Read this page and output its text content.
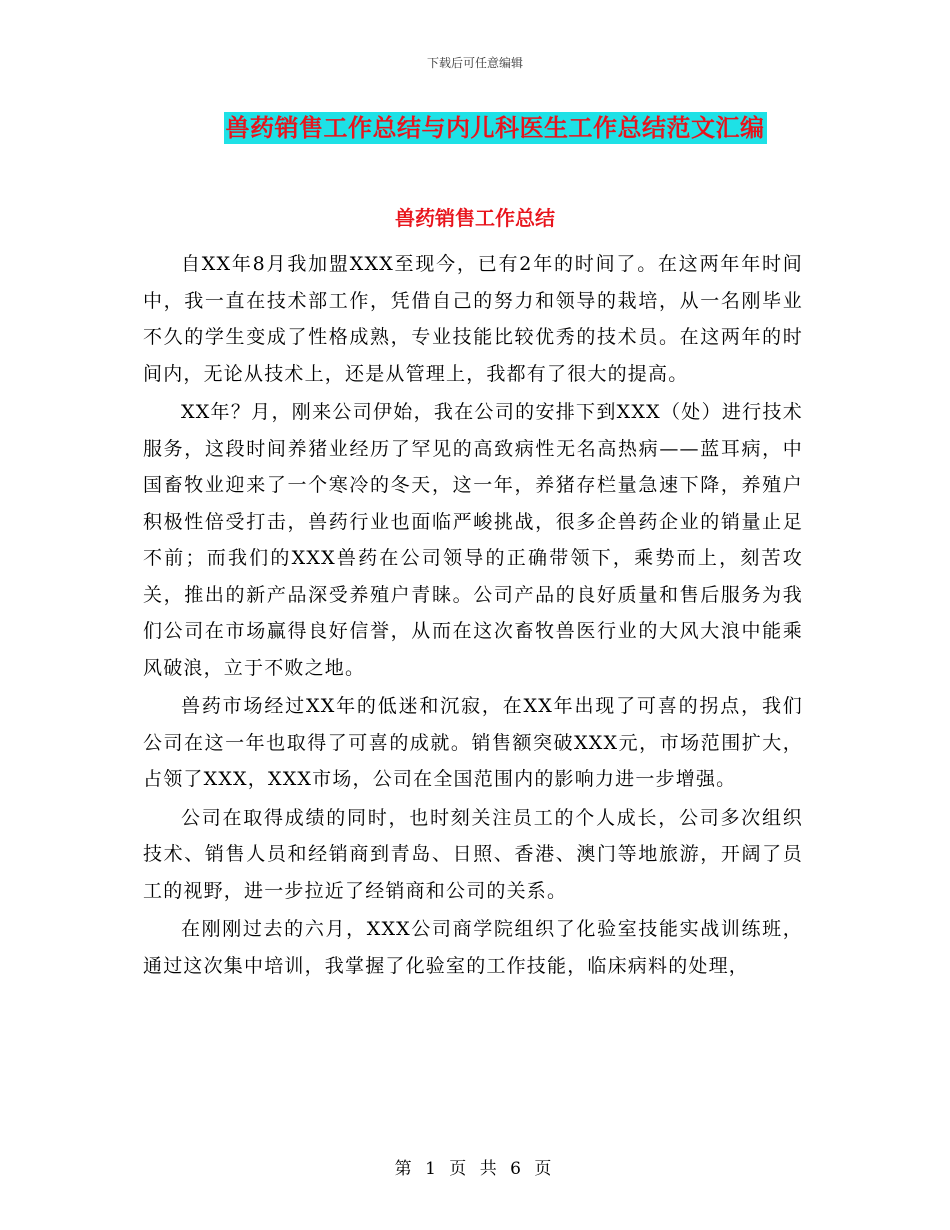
下载后可任意编辑
兽药销售工作总结与内儿科医生工作总结范文汇编
兽药销售工作总结

自XX年8月我加盟XXX至现今，已有2年的时间了。在这两年年时间中，我一直在技术部工作，凭借自己的努力和领导的栽培，从一名刚毕业不久的学生变成了性格成熟，专业技能比较优秀的技术员。在这两年的时间内，无论从技术上，还是从管理上，我都有了很大的提高。

XX年？月，刚来公司伊始，我在公司的安排下到XXX（处）进行技术服务，这段时间养猪业经历了罕见的高致病性无名高热病——蓝耳病，中国畜牧业迎来了一个寒冷的冬天，这一年，养猪存栏量急速下降，养殖户积极性倍受打击，兽药行业也面临严峻挑战，很多企兽药企业的销量止足不前；而我们的XXX兽药在公司领导的正确带领下，乘势而上，刻苦攻关，推出的新产品深受养殖户青睐。公司产品的良好质量和售后服务为我们公司在市场赢得良好信誉，从而在这次畜牧兽医行业的大风大浪中能乘风破浪，立于不败之地。

兽药市场经过XX年的低迷和沉寂，在XX年出现了可喜的拐点，我们公司在这一年也取得了可喜的成就。销售额突破XXX元，市场范围扩大，占领了XXX，XXX市场，公司在全国范围内的影响力进一步增强。

公司在取得成绩的同时，也时刻关注员工的个人成长，公司多次组织技术、销售人员和经销商到青岛、日照、香港、澳门等地旅游，开阔了员工的视野，进一步拉近了经销商和公司的关系。

在刚刚过去的六月，XXX公司商学院组织了化验室技能实战训练班，通过这次集中培训，我掌握了化验室的工作技能，临床病料的处理，

第 1 页 共 6 页
